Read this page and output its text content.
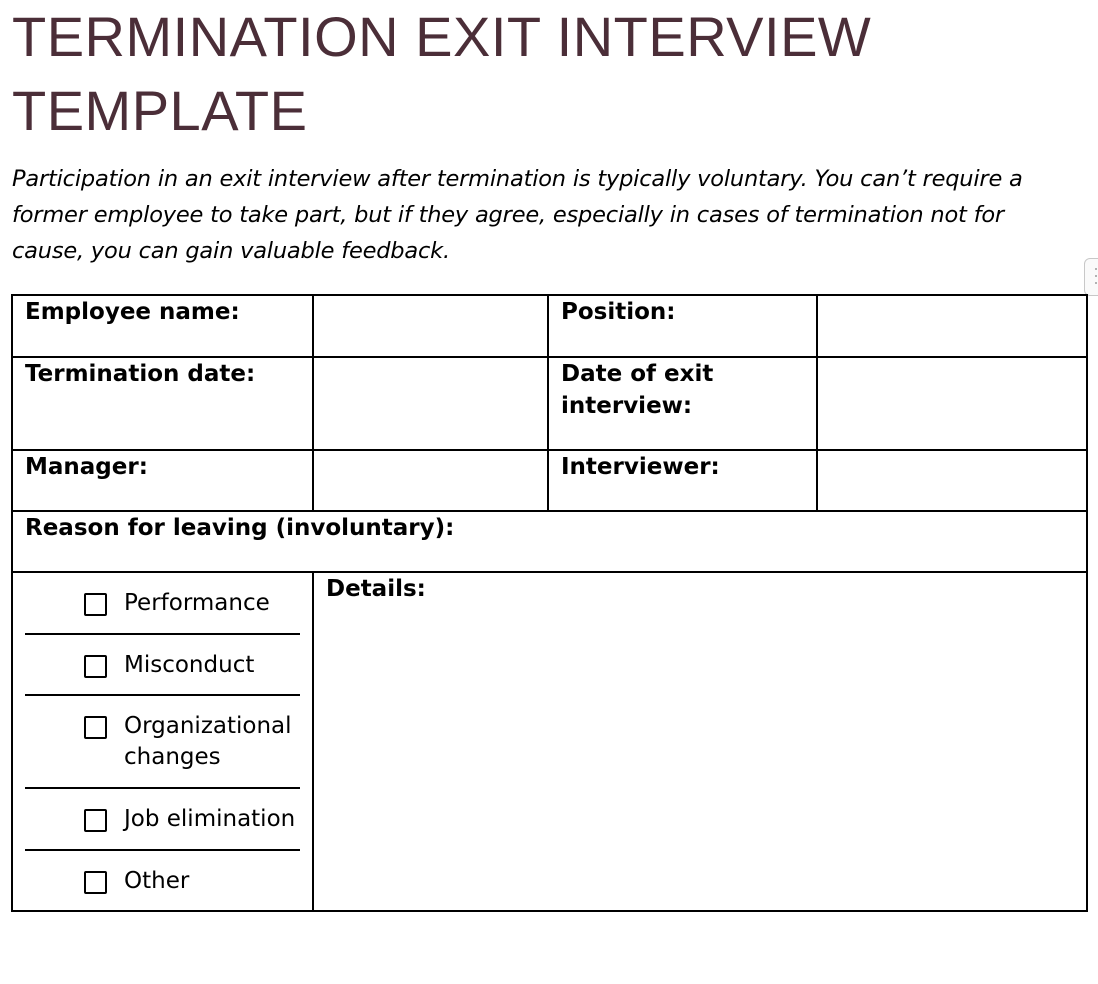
TERMINATION EXIT INTERVIEW TEMPLATE

Participation in an exit interview after termination is typically voluntary. You can’t require a former employee to take part, but if they agree, especially in cases of termination not for cause, you can gain valuable feedback.

Employee name:		Position:	
Termination date:		Date of exit interview:	
Manager:		Interviewer:	
Reason for leaving (involuntary):			

Performance
Misconduct
Organizational changes
Job elimination
Other	Details:		
